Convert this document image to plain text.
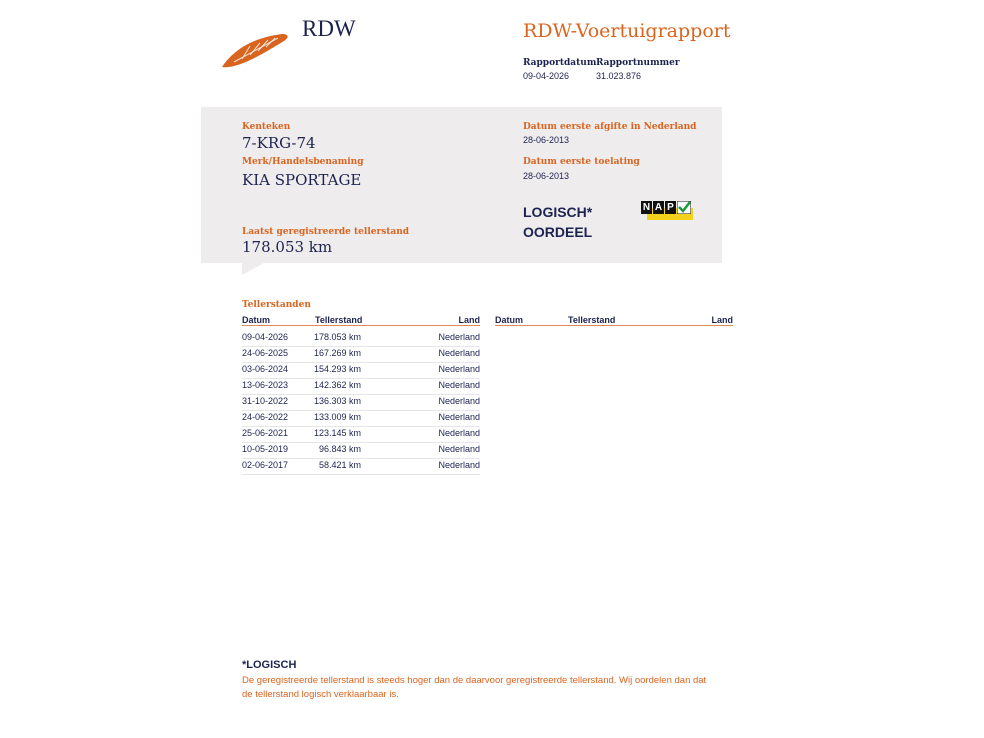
RDW	RDW-Voertuigrapport
Rapportdatum
09-04-2026
Rapportnummer
31.023.876
Kenteken
7-KRG-74
Merk/Handelsbenaming
KIA SPORTAGE
Laatst geregistreerde tellerstand
178.053 km
Datum eerste afgifte in Nederland
28-06-2013
Datum eerste toelating
28-06-2013
LOGISCH*
OORDEEL
N A P
Tellerstanden
Datum	Tellerstand	Land Datum	Tellerstand	Land
09-04-2026	178.053 km	Nederland
24-06-2025	167.269 km	Nederland
03-06-2024	154.293 km	Nederland
13-06-2023	142.362 km	Nederland
31-10-2022	136.303 km	Nederland
24-06-2022	133.009 km	Nederland
25-06-2021	123.145 km	Nederland
10-05-2019	96.843 km	Nederland
02-06-2017	58.421 km	Nederland
*LOGISCH
De geregistreerde tellerstand is steeds hoger dan de daarvoor geregistreerde tellerstand. Wij oordelen dan dat de tellerstand logisch verklaarbaar is.
